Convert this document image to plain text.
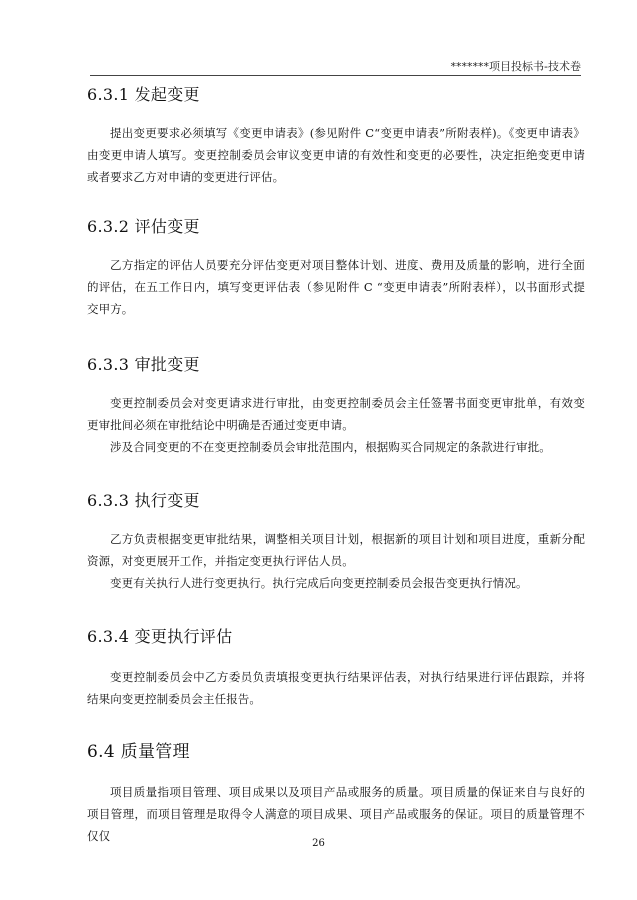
*******项目投标书-技术卷
6.3.1 发起变更

提出变更要求必须填写《变更申请表》(参见附件 C“变更申请表”所附表样)。《变更申请表》由变更申请人填写。变更控制委员会审议变更申请的有效性和变更的必要性，决定拒绝变更申请或者要求乙方对申请的变更进行评估。

6.3.2 评估变更

乙方指定的评估人员要充分评估变更对项目整体计划、进度、费用及质量的影响，进行全面的评估，在五工作日内，填写变更评估表（参见附件 C “变更申请表”所附表样），以书面形式提交甲方。

6.3.3 审批变更

变更控制委员会对变更请求进行审批，由变更控制委员会主任签署书面变更审批单，有效变更审批间必须在审批结论中明确是否通过变更申请。

涉及合同变更的不在变更控制委员会审批范围内，根据购买合同规定的条款进行审批。

6.3.3 执行变更

乙方负责根据变更审批结果，调整相关项目计划，根据新的项目计划和项目进度，重新分配资源，对变更展开工作，并指定变更执行评估人员。

变更有关执行人进行变更执行。执行完成后向变更控制委员会报告变更执行情况。

6.3.4 变更执行评估

变更控制委员会中乙方委员负责填报变更执行结果评估表，对执行结果进行评估跟踪，并将结果向变更控制委员会主任报告。

6.4 质量管理

项目质量指项目管理、项目成果以及项目产品或服务的质量。项目质量的保证来自与良好的项目管理，而项目管理是取得令人满意的项目成果、项目产品或服务的保证。项目的质量管理不仅仅

26
